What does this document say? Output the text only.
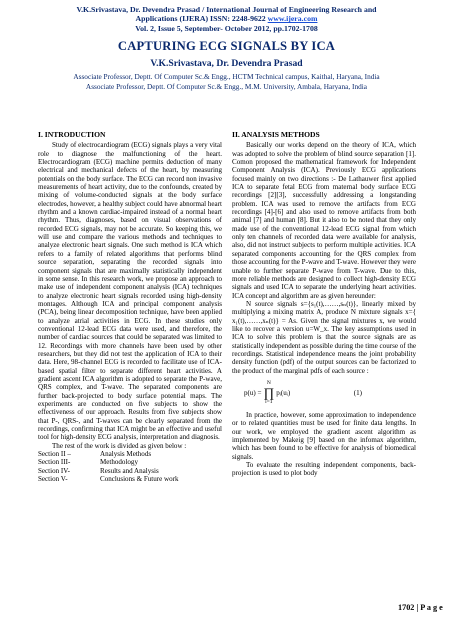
V.K.Srivastava, Dr. Devendra Prasad / International Journal of Engineering Research and
Applications (IJERA) ISSN: 2248-9622 www.ijera.com
Vol. 2, Issue 5, September- October 2012, pp.1702-1708
CAPTURING ECG SIGNALS BY ICA
V.K.Srivastava, Dr. Devendra Prasad
Associate Professor, Deptt. Of Computer Sc.& Engg., HCTM Technical campus, Kaithal, Haryana, India
Associate Professor, Deptt. Of Computer Sc.& Engg., M.M. University, Ambala, Haryana, India
I. INTRODUCTION

Study of electrocardiogram (ECG) signals plays a very vital role to diagnose the malfunctioning of the heart. Electrocardiogram (ECG) machine permits deduction of many electrical and mechanical defects of the heart, by measuring potentials on the body surface. The ECG can record non invasive measurements of heart activity, due to the confounds, created by mixing of volume-conducted signals at the body surface electrodes, however, a healthy subject could have abnormal heart rhythm and a known cardiac-impaired instead of a normal heart rhythm. Thus, diagnoses, based on visual observations of recorded ECG signals, may not be accurate. So keeping this, we will use and compare the various methods and techniques to analyze electronic heart signals. One such method is ICA which refers to a family of related algorithms that performs blind source separation, separating the recorded signals into component signals that are maximally statistically independent in some sense. In this research work, we propose an approach to make use of independent component analysis (ICA) techniques to analyze electronic heart signals recorded using high-density montages. Although ICA and principal component analysis (PCA), being linear decomposition technique, have been applied to analyze atrial activities in ECG. In these studies only conventional 12-lead ECG data were used, and therefore, the number of cardiac sources that could be separated was limited to 12. Recordings with more channels have been used by other researchers, but they did not test the application of ICA to their data. Here, 98-channel ECG is recorded to facilitate use of ICA-based spatial filter to separate different heart activities. A gradient ascent ICA algorithm is adopted to separate the P-wave, QRS complex, and T-wave. The separated components are further back-projected to body surface potential maps. The experiments are conducted on five subjects to show the effectiveness of our approach. Results from five subjects show that P-, QRS-, and T-waves can be clearly separated from the recordings, confirming that ICA might be an effective and useful tool for high-density ECG analysis, interpretation and diagnosis.

The rest of the work is divided as given below :

Section II –	Analysis Methods
Section III-	Methodology
Section IV-	Results and Analysis
Section V-	Conclusions & Future work
II. ANALYSIS METHODS

Basically our works depend on the theory of ICA, which was adopted to solve the problem of blind source separation [1]. Comon proposed the mathematical framework for Independent Component Analysis (ICA). Previously ECG applications focused mainly on two directions :- De Lathauwer first applied ICA to separate fetal ECG from maternal body surface ECG recordings [2][3], successfully addressing a longstanding problem. ICA was used to remove the artifacts from ECG recordings [4]-[6] and also used to remove artifacts from both animal [7] and human [8]. But it also to be noted that they only made use of the conventional 12-lead ECG signal from which only ten channels of recorded data were available for analysis, also, did not instruct subjects to perform multiple activities. ICA separated components accounting for the QRS complex from those accounting for the P-wave and T-wave. However they were unable to further separate P-wave from T-wave. Due to this, more reliable methods are designed to collect high-density ECG signals and used ICA to separate the underlying heart activities. ICA concept and algorithm are as given hereunder:

N source signals s={s₁(t),……,sₙ(t)}, linearly mixed by multiplying a mixing matrix A, produce N mixture signals x={ x₁(t),……,xₙ(t)} = As. Given the signal mixtures x, we would like to recover a version u=W_x. The key assumptions used in ICA to solve this problem is that the source signals are as statistically independent as possible during the time course of the recordings. Statistical independence means the joint probability density function (pdf) of the output sources can be factorized to the product of the marginal pdfs of each source :

p(u) =
N
∏
i=1
pᵢ(uᵢ)	(1)

In practice, however, some approximation to independence or to related quantities must be used for finite data lengths. In our work, we employed the gradient ascent algorithm as implemented by Makeig [9] based on the infomax algorithm, which has been found to be effective for analysis of biomedical signals.

To evaluate the resulting independent components, back-projection is used to plot body

1702 | P a g e
